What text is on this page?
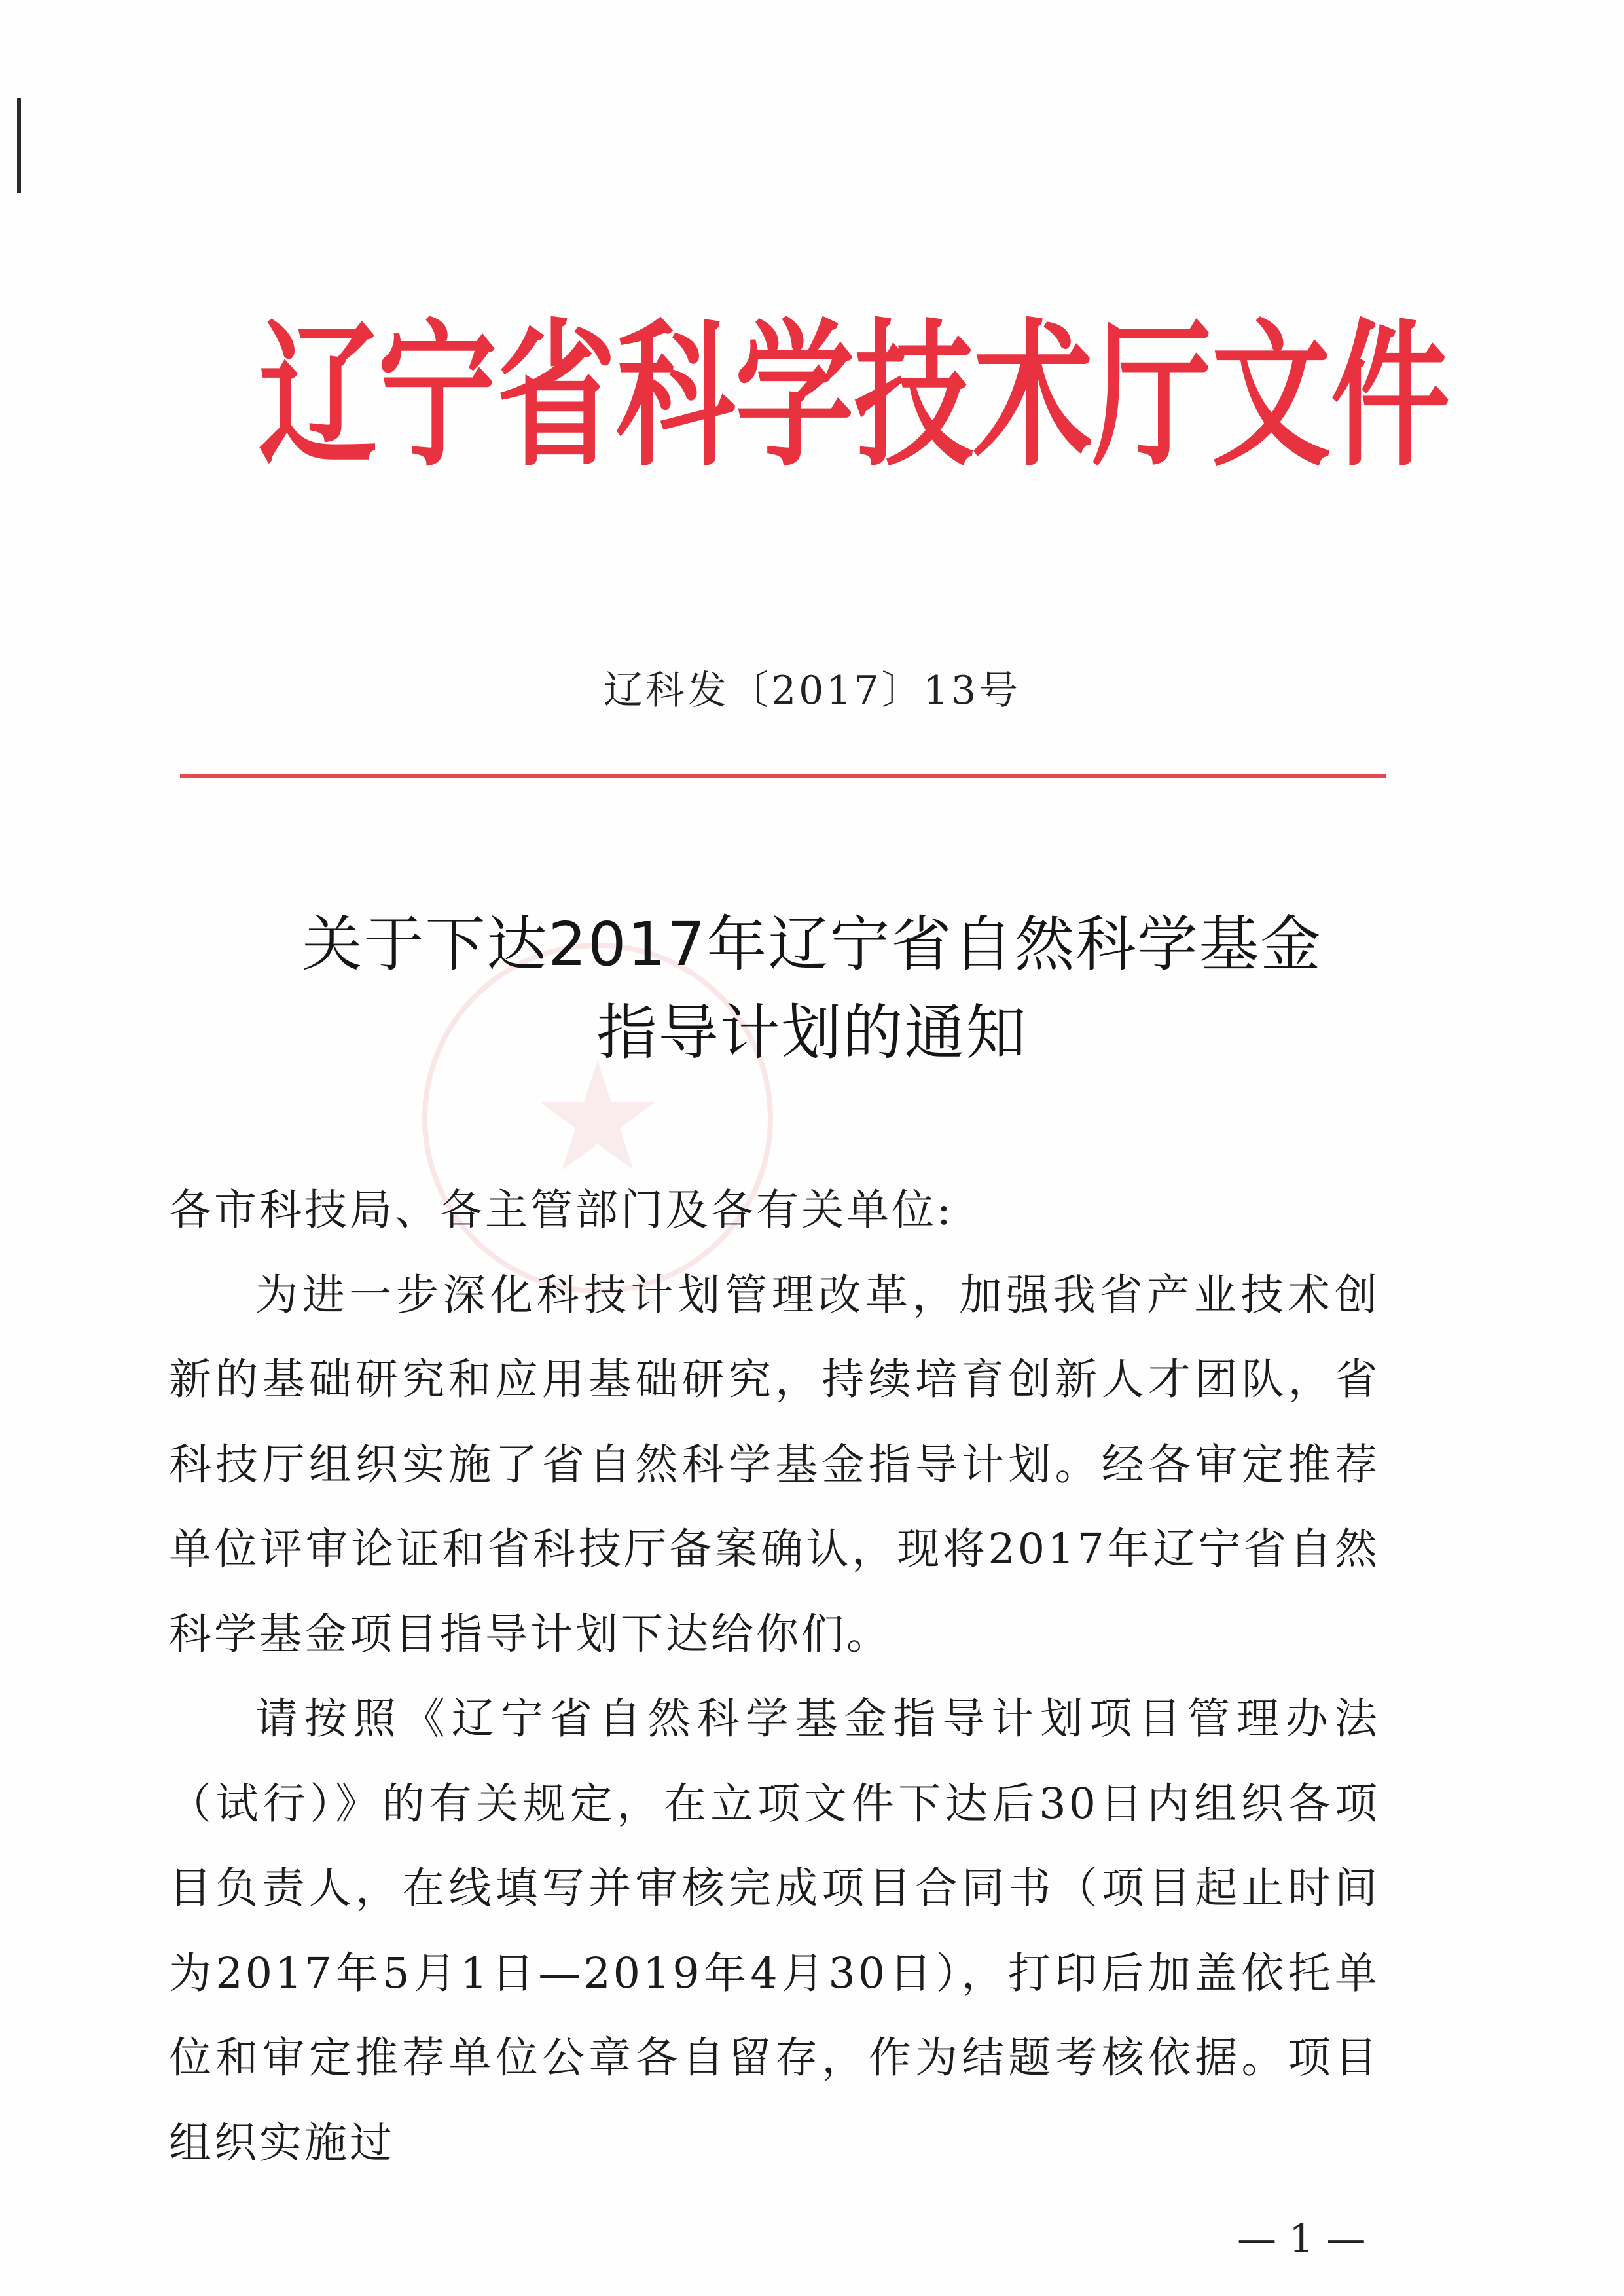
辽宁省科学技术厅文件
辽科发〔2017〕13号
★
关于下达2017年辽宁省自然科学基金
指导计划的通知

各市科技局、各主管部门及各有关单位:

为进一步深化科技计划管理改革，加强我省产业技术创新的基础研究和应用基础研究，持续培育创新人才团队，省科技厅组织实施了省自然科学基金指导计划。经各审定推荐单位评审论证和省科技厅备案确认，现将2017年辽宁省自然科学基金项目指导计划下达给你们。

请按照《辽宁省自然科学基金指导计划项目管理办法（试行）》的有关规定，在立项文件下达后30日内组织各项目负责人，在线填写并审核完成项目合同书（项目起止时间为2017年5月1日—2019年4月30日），打印后加盖依托单位和审定推荐单位公章各自留存，作为结题考核依据。项目组织实施过

— 1 —
